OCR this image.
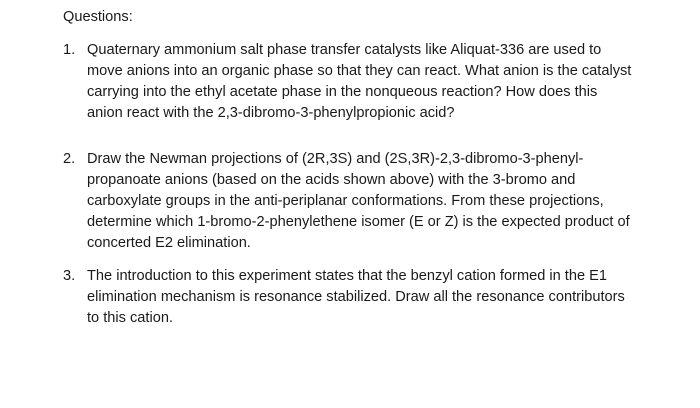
Questions:
1. Quaternary ammonium salt phase transfer catalysts like Aliquat-336 are used to
move anions into an organic phase so that they can react. What anion is the catalyst
carrying into the ethyl acetate phase in the nonqueous reaction? How does this
anion react with the 2,3-dibromo-3-phenylpropionic acid?
2. Draw the Newman projections of (2R,3S) and (2S,3R)-2,3-dibromo-3-phenyl-
propanoate anions (based on the acids shown above) with the 3-bromo and
carboxylate groups in the anti-periplanar conformations. From these projections,
determine which 1-bromo-2-phenylethene isomer (E or Z) is the expected product of
concerted E2 elimination.
3. The introduction to this experiment states that the benzyl cation formed in the E1
elimination mechanism is resonance stabilized. Draw all the resonance contributors
to this cation.
